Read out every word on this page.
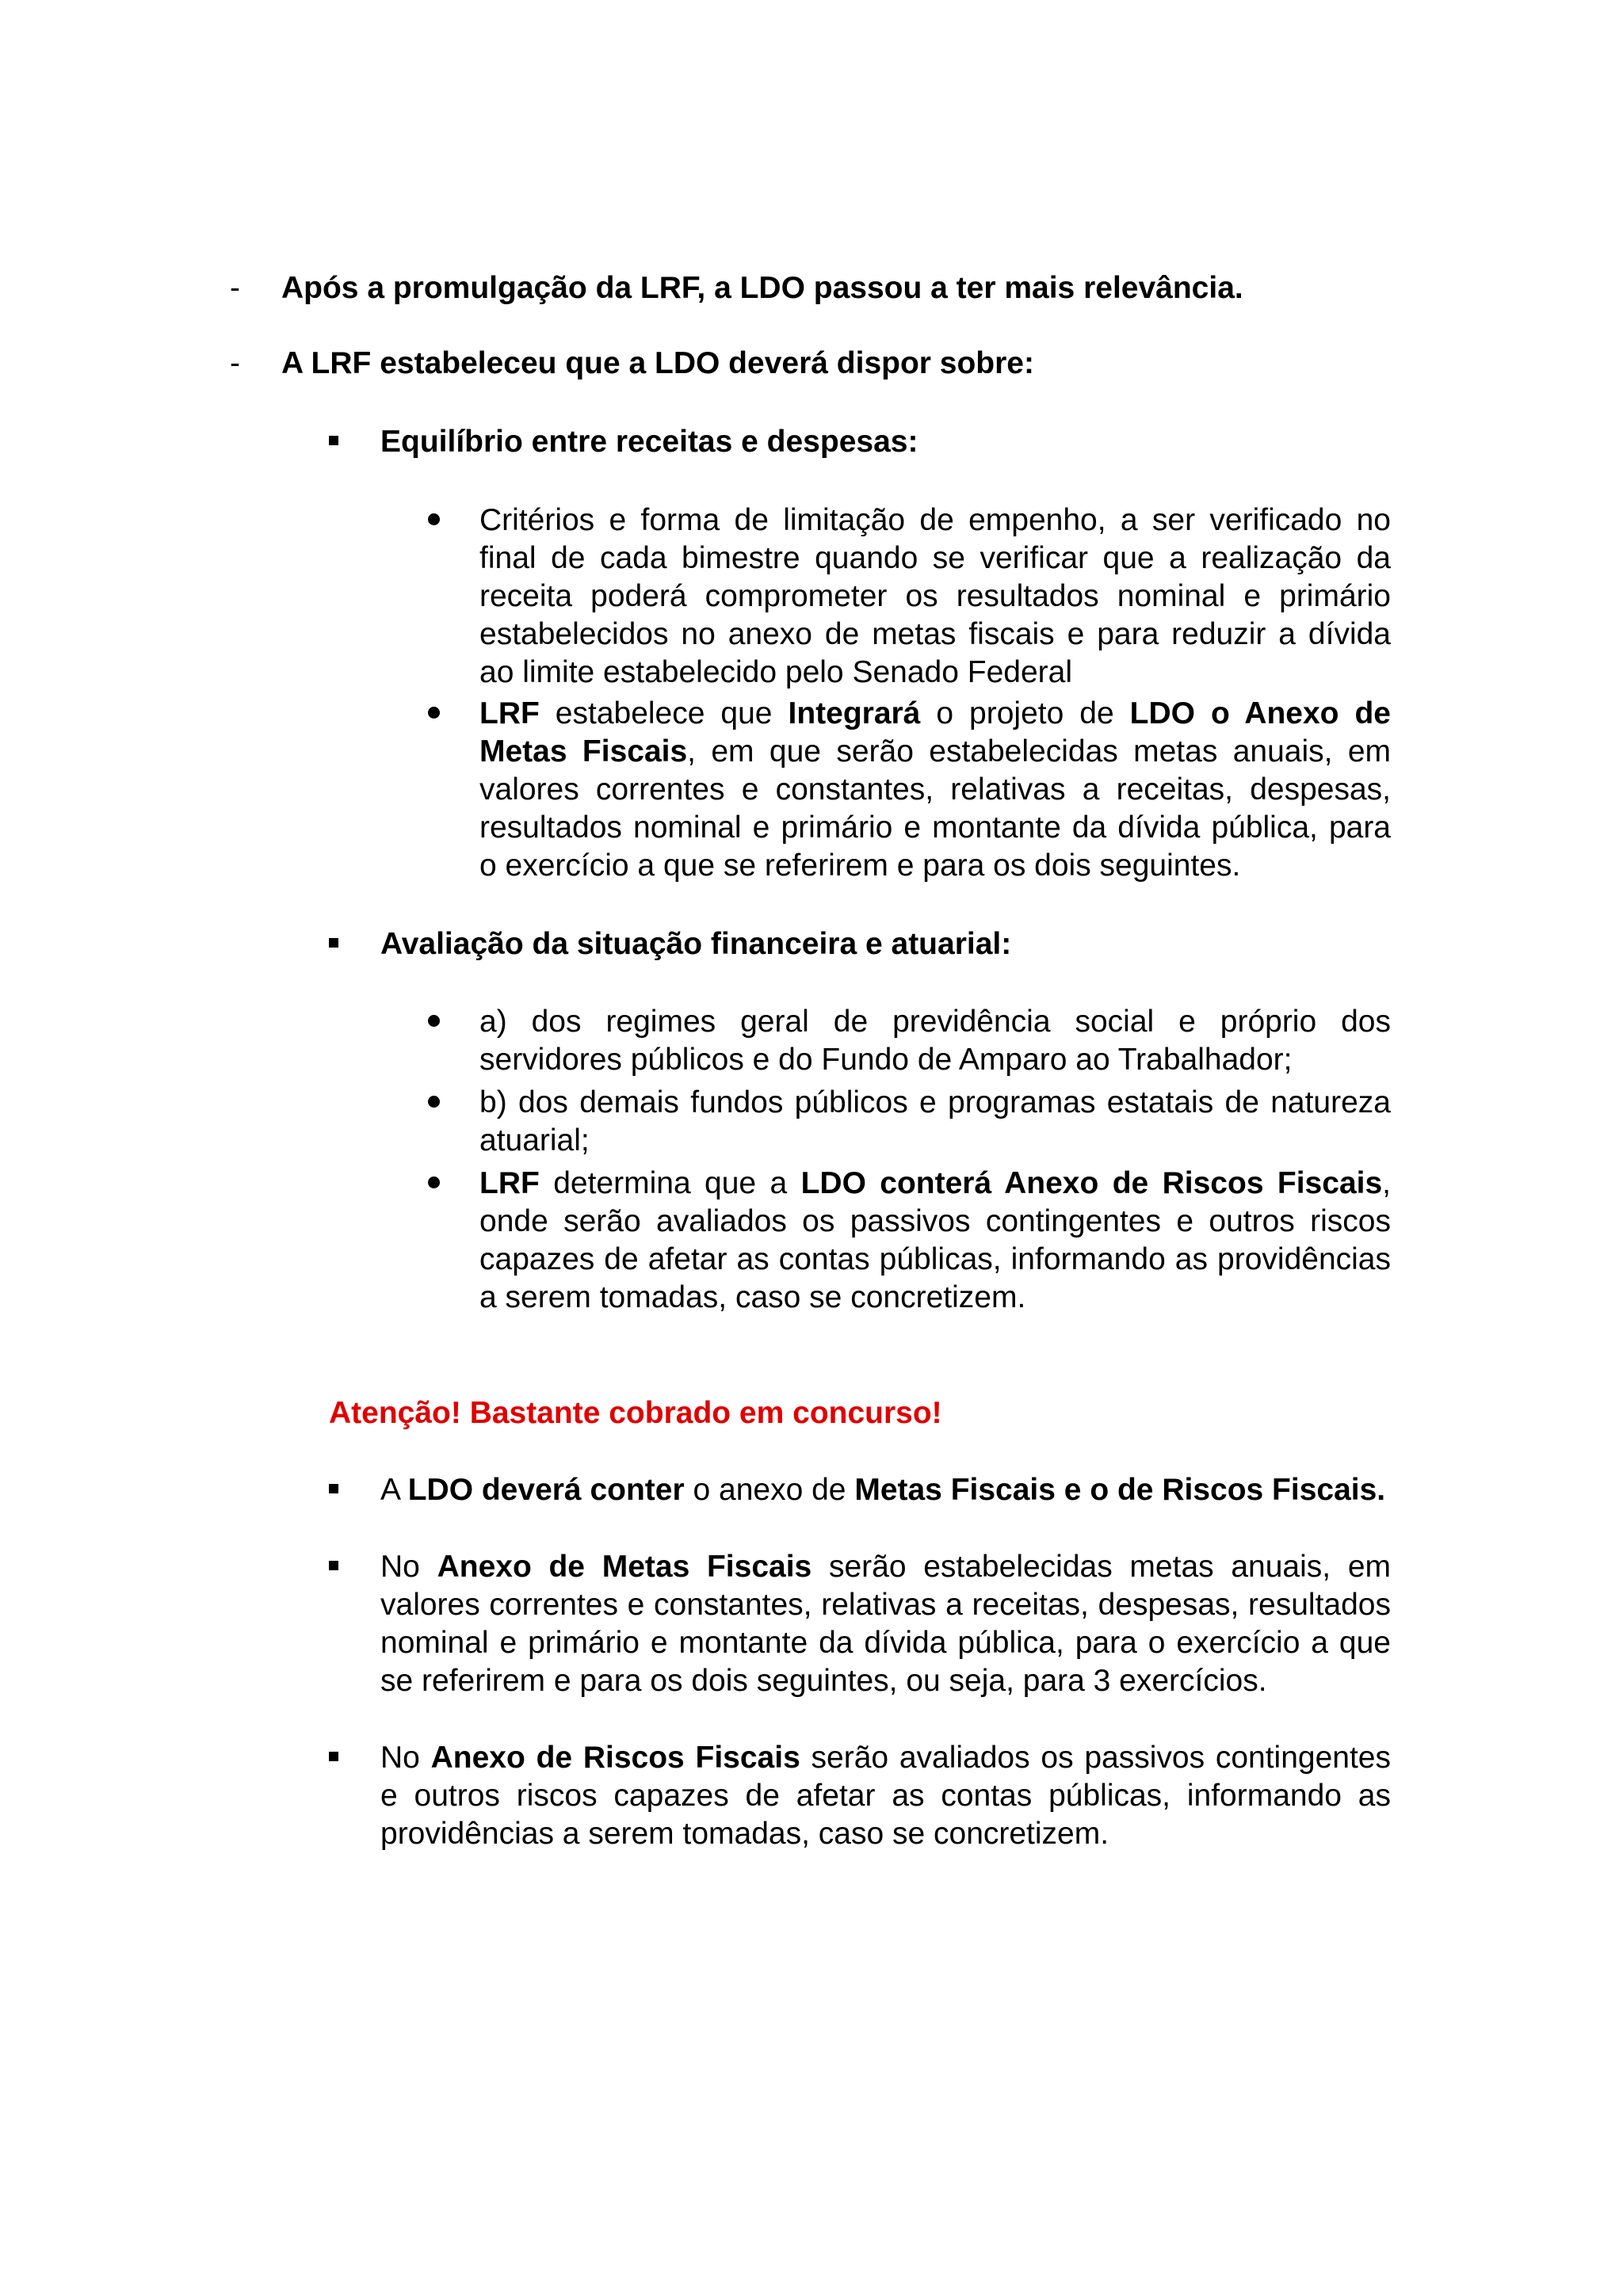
- Após a promulgação da LRF, a LDO passou a ter mais relevância.
- A LRF estabeleceu que a LDO deverá dispor sobre:
Equilíbrio entre receitas e despesas:
Critérios e forma de limitação de empenho, a ser verificado no final de cada bimestre quando se verificar que a realização da receita poderá comprometer os resultados nominal e primário estabelecidos no anexo de metas fiscais e para reduzir a dívida ao limite estabelecido pelo Senado Federal
LRF estabelece que Integrará o projeto de LDO o Anexo de Metas Fiscais, em que serão estabelecidas metas anuais, em valores correntes e constantes, relativas a receitas, despesas, resultados nominal e primário e montante da dívida pública, para o exercício a que se referirem e para os dois seguintes.
Avaliação da situação financeira e atuarial:
a) dos regimes geral de previdência social e próprio dos servidores públicos e do Fundo de Amparo ao Trabalhador;
b) dos demais fundos públicos e programas estatais de natureza atuarial;
LRF determina que a LDO conterá Anexo de Riscos Fiscais, onde serão avaliados os passivos contingentes e outros riscos capazes de afetar as contas públicas, informando as providências a serem tomadas, caso se concretizem.
Atenção! Bastante cobrado em concurso!
A LDO deverá conter o anexo de Metas Fiscais e o de Riscos Fiscais.
No Anexo de Metas Fiscais serão estabelecidas metas anuais, em valores correntes e constantes, relativas a receitas, despesas, resultados nominal e primário e montante da dívida pública, para o exercício a que se referirem e para os dois seguintes, ou seja, para 3 exercícios.
No Anexo de Riscos Fiscais serão avaliados os passivos contingentes e outros riscos capazes de afetar as contas públicas, informando as providências a serem tomadas, caso se concretizem.
